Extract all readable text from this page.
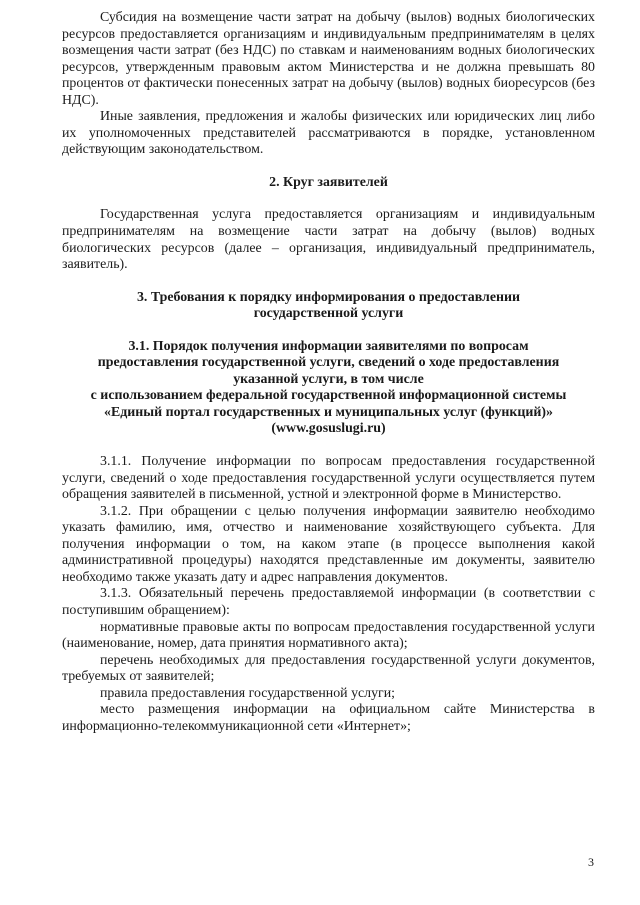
Субсидия на возмещение части затрат на добычу (вылов) водных биологических ресурсов предоставляется организациям и индивидуальным предпринимателям в целях возмещения части затрат (без НДС) по ставкам и наименованиям водных биологических ресурсов, утвержденным правовым актом Министерства и не должна превышать 80 процентов от фактически понесенных затрат на добычу (вылов) водных биоресурсов (без НДС).

Иные заявления, предложения и жалобы физических или юридических лиц либо их уполномоченных представителей рассматриваются в порядке, установленном действующим законодательством.

2. Круг заявителей

Государственная услуга предоставляется организациям и индивидуальным предпринимателям на возмещение части затрат на добычу (вылов) водных биологических ресурсов (далее – организация, индивидуальный предприниматель, заявитель).

3. Требования к порядку информирования о предоставлении

государственной услуги

3.1. Порядок получения информации заявителями по вопросам

предоставления государственной услуги, сведений о ходе предоставления

указанной услуги, в том числе

с использованием федеральной государственной информационной системы

«Единый портал государственных и муниципальных услуг (функций)»

(www.gosuslugi.ru)

3.1.1. Получение информации по вопросам предоставления государственной услуги, сведений о ходе предоставления государственной услуги осуществляется путем обращения заявителей в письменной, устной и электронной форме в Министерство.

3.1.2. При обращении с целью получения информации заявителю необходимо указать фамилию, имя, отчество и наименование хозяйствующего субъекта. Для получения информации о том, на каком этапе (в процессе выполнения какой административной процедуры) находятся представленные им документы, заявителю необходимо также указать дату и адрес направления документов.

3.1.3. Обязательный перечень предоставляемой информации (в соответствии с поступившим обращением):

нормативные правовые акты по вопросам предоставления государственной услуги (наименование, номер, дата принятия нормативного акта);

перечень необходимых для предоставления государственной услуги документов, требуемых от заявителей;

правила предоставления государственной услуги;

место размещения информации на официальном сайте Министерства в информационно-телекоммуникационной сети «Интернет»;

3
